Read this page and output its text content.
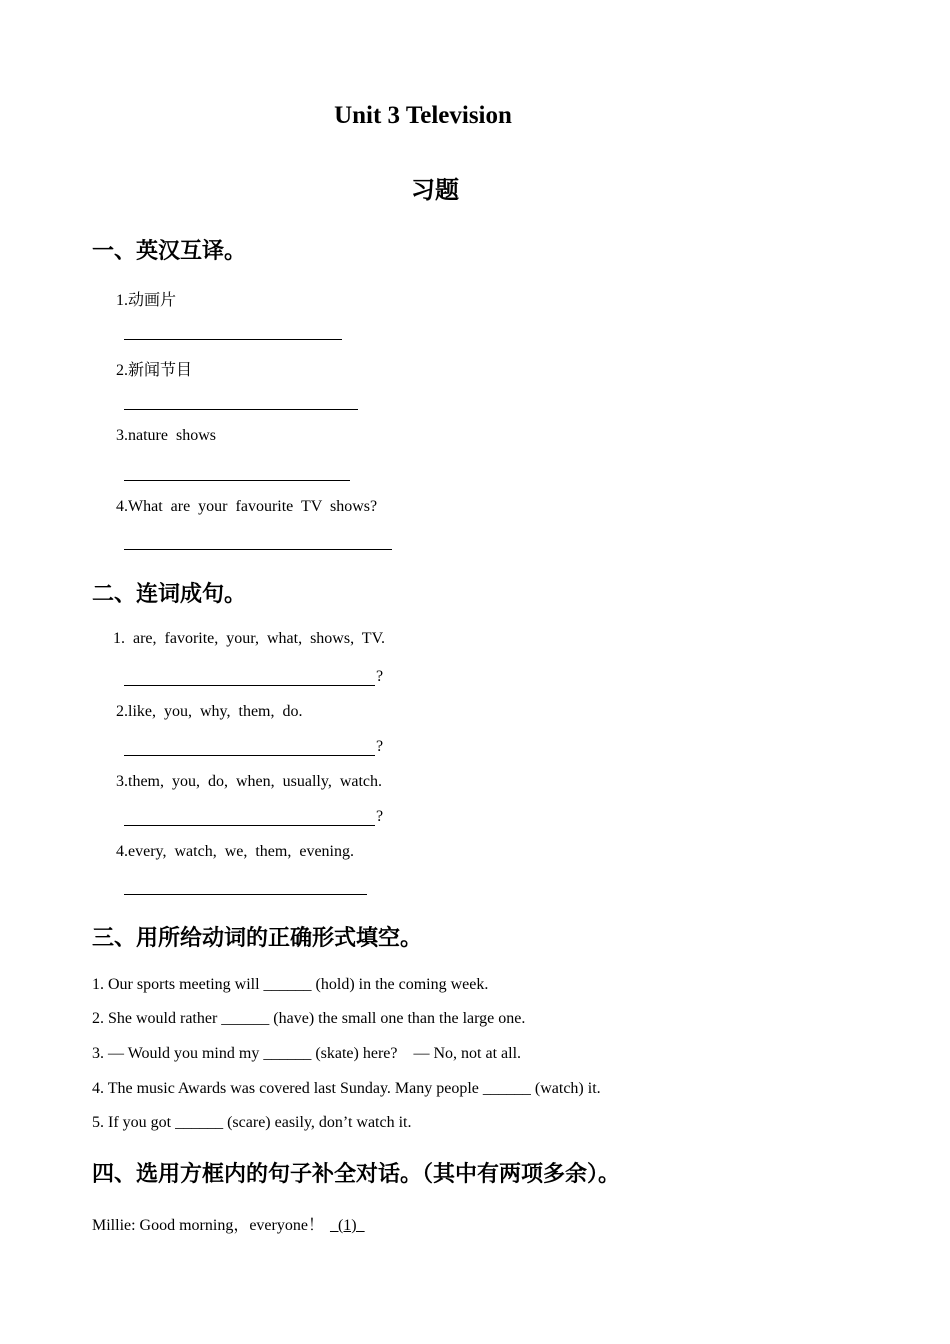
Unit 3 Television
习题
一、英汉互译。
1.动画片
2.新闻节目
3.nature shows
4.What are your favourite TV shows?
二、连词成句。
1. are, favorite, your, what, shows, TV.
?
2.like, you, why, them, do.
?
3.them, you, do, when, usually, watch.
?
4.every, watch, we, them, evening.
三、用所给动词的正确形式填空。
1. Our sports meeting will ______ (hold) in the coming week.
2. She would rather ______ (have) the small one than the large one.
3. — Would you mind my ______ (skate) here?    — No, not at all.
4. The music Awards was covered last Sunday. Many people ______ (watch) it.
5. If you got ______ (scare) easily, don’t watch it.
四、选用方框内的句子补全对话。（其中有两项多余）。
Millie: Good morning，everyone！  (1)
